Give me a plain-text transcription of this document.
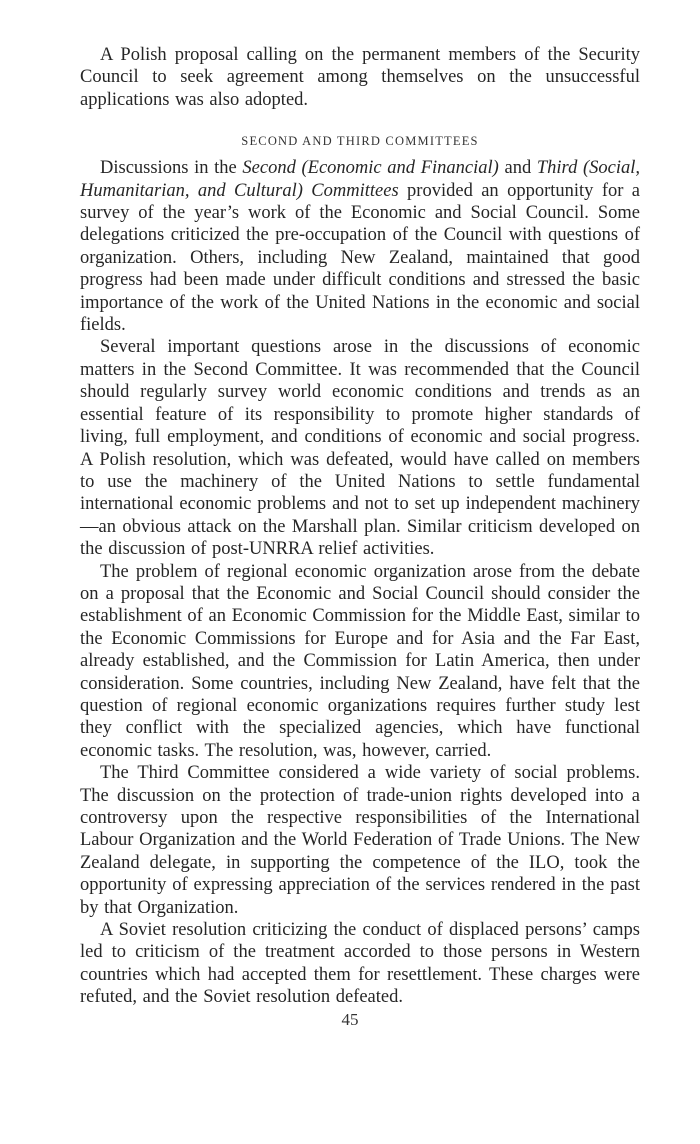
A Polish proposal calling on the permanent members of the Security Council to seek agreement among themselves on the unsuccessful applications was also adopted.

SECOND AND THIRD COMMITTEES

Discussions in the Second (Economic and Financial) and Third (Social, Humanitarian, and Cultural) Committees provided an opportunity for a survey of the year’s work of the Economic and Social Council. Some delegations criticized the pre-occupation of the Council with questions of organization. Others, including New Zealand, maintained that good progress had been made under difficult conditions and stressed the basic importance of the work of the United Nations in the economic and social fields.

Several important questions arose in the discussions of economic matters in the Second Committee. It was recommended that the Council should regularly survey world economic conditions and trends as an essential feature of its responsibility to promote higher standards of living, full employment, and conditions of economic and social progress. A Polish resolution, which was defeated, would have called on members to use the machinery of the United Nations to settle fundamental international economic problems and not to set up independent machinery—an obvious attack on the Marshall plan. Similar criticism developed on the discussion of post-UNRRA relief activities.

The problem of regional economic organization arose from the debate on a proposal that the Economic and Social Council should consider the establishment of an Economic Commission for the Middle East, similar to the Economic Commissions for Europe and for Asia and the Far East, already established, and the Commission for Latin America, then under consideration. Some countries, including New Zealand, have felt that the question of regional economic organizations requires further study lest they conflict with the specialized agencies, which have functional economic tasks. The resolution, was, however, carried.

The Third Committee considered a wide variety of social problems. The discussion on the protection of trade-union rights developed into a controversy upon the respective responsibilities of the International Labour Organization and the World Federation of Trade Unions. The New Zealand delegate, in supporting the competence of the ILO, took the opportunity of expressing appreciation of the services rendered in the past by that Organization.

A Soviet resolution criticizing the conduct of displaced persons’ camps led to criticism of the treatment accorded to those persons in Western countries which had accepted them for resettlement. These charges were refuted, and the Soviet resolution defeated.

45
